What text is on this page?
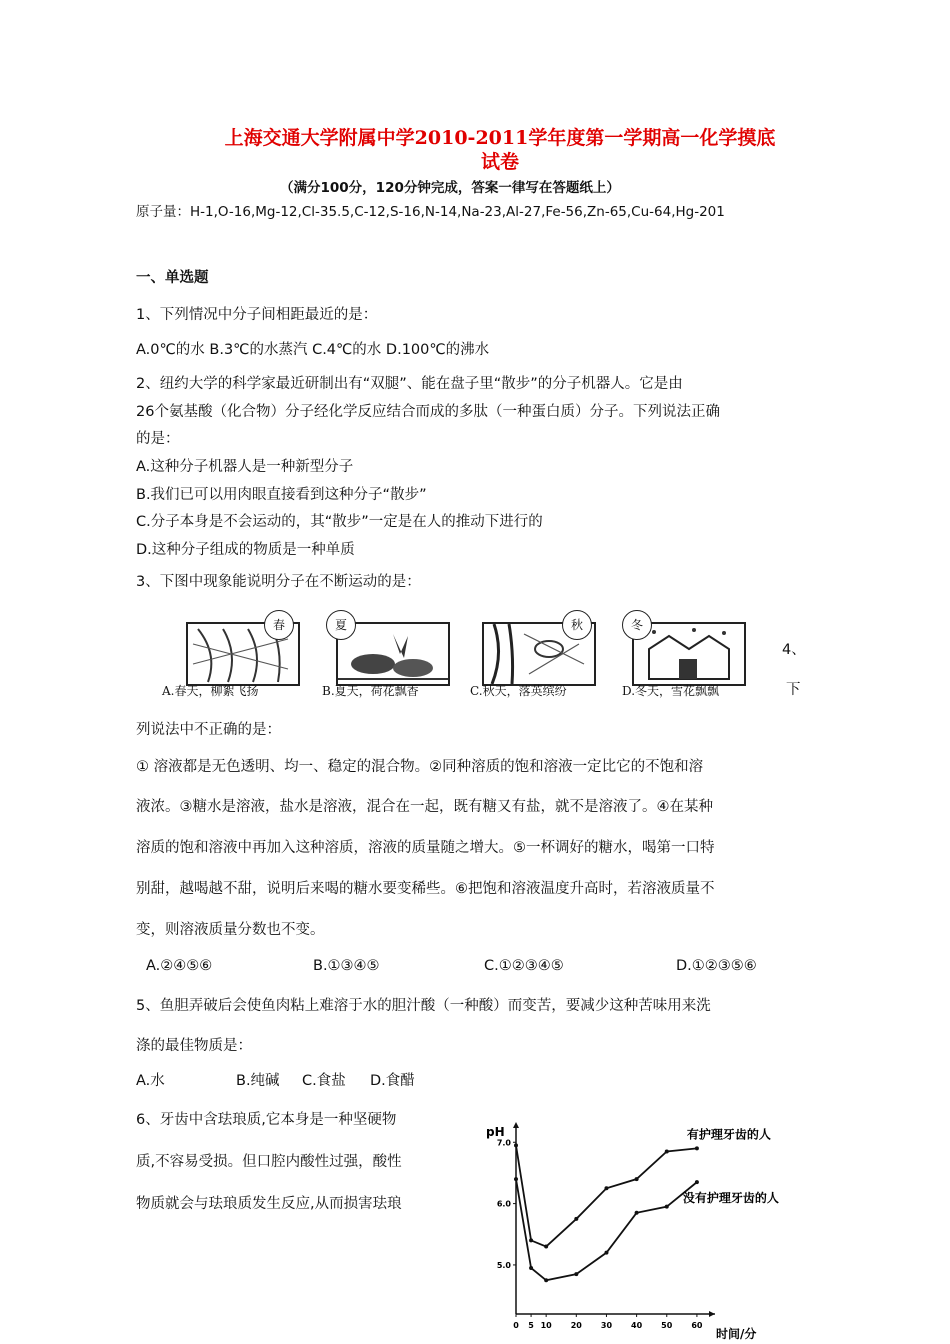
上海交通大学附属中学2010-2011学年度第一学期高一化学摸底
试卷
（满分100分，120分钟完成，答案一律写在答题纸上）
原子量：H-1,O-16,Mg-12,Cl-35.5,C-12,S-16,N-14,Na-23,Al-27,Fe-56,Zn-65,Cu-64,Hg-201
一、单选题
1、下列情况中分子间相距最近的是：
A.0℃的水 B.3℃的水蒸汽 C.4℃的水 D.100℃的沸水
2、纽约大学的科学家最近研制出有“双腿”、能在盘子里“散步”的分子机器人。它是由
26个氨基酸（化合物）分子经化学反应结合而成的多肽（一种蛋白质）分子。下列说法正确
的是：
A.这种分子机器人是一种新型分子
B.我们已可以用肉眼直接看到这种分子“散步”
C.分子本身是不会运动的，其“散步”一定是在人的推动下进行的
D.这种分子组成的物质是一种单质
3、下图中现象能说明分子在不断运动的是：
春	夏	秋	冬
A.春天，柳絮飞扬	B.夏天，荷花飘香	C.秋天，落英缤纷	D.冬天，雪花飘飘
4、
下
列说法中不正确的是：
① 溶液都是无色透明、均一、稳定的混合物。②同种溶质的饱和溶液一定比它的不饱和溶
液浓。③糖水是溶液，盐水是溶液，混合在一起，既有糖又有盐，就不是溶液了。④在某种
溶质的饱和溶液中再加入这种溶质，溶液的质量随之增大。⑤一杯调好的糖水，喝第一口特
别甜，越喝越不甜，说明后来喝的糖水要变稀些。⑥把饱和溶液温度升高时，若溶液质量不
变，则溶液质量分数也不变。
A.②④⑤⑥	B.①③④⑤	C.①②③④⑤	D.①②③⑤⑥
5、鱼胆弄破后会使鱼肉粘上难溶于水的胆汁酸（一种酸）而变苦，要减少这种苦味用来洗
涤的最佳物质是：
A.水	B.纯碱 C.食盐 D.食醋
6、牙齿中含珐琅质,它本身是一种坚硬物
质,不容易受损。但口腔内酸性过强，酸性
物质就会与珐琅质发生反应,从而损害珐琅
pH
时间/分
0 5 10 20 30 40 50 60
7.0
6.0
5.0
有护理牙齿的人
没有护理牙齿的人
